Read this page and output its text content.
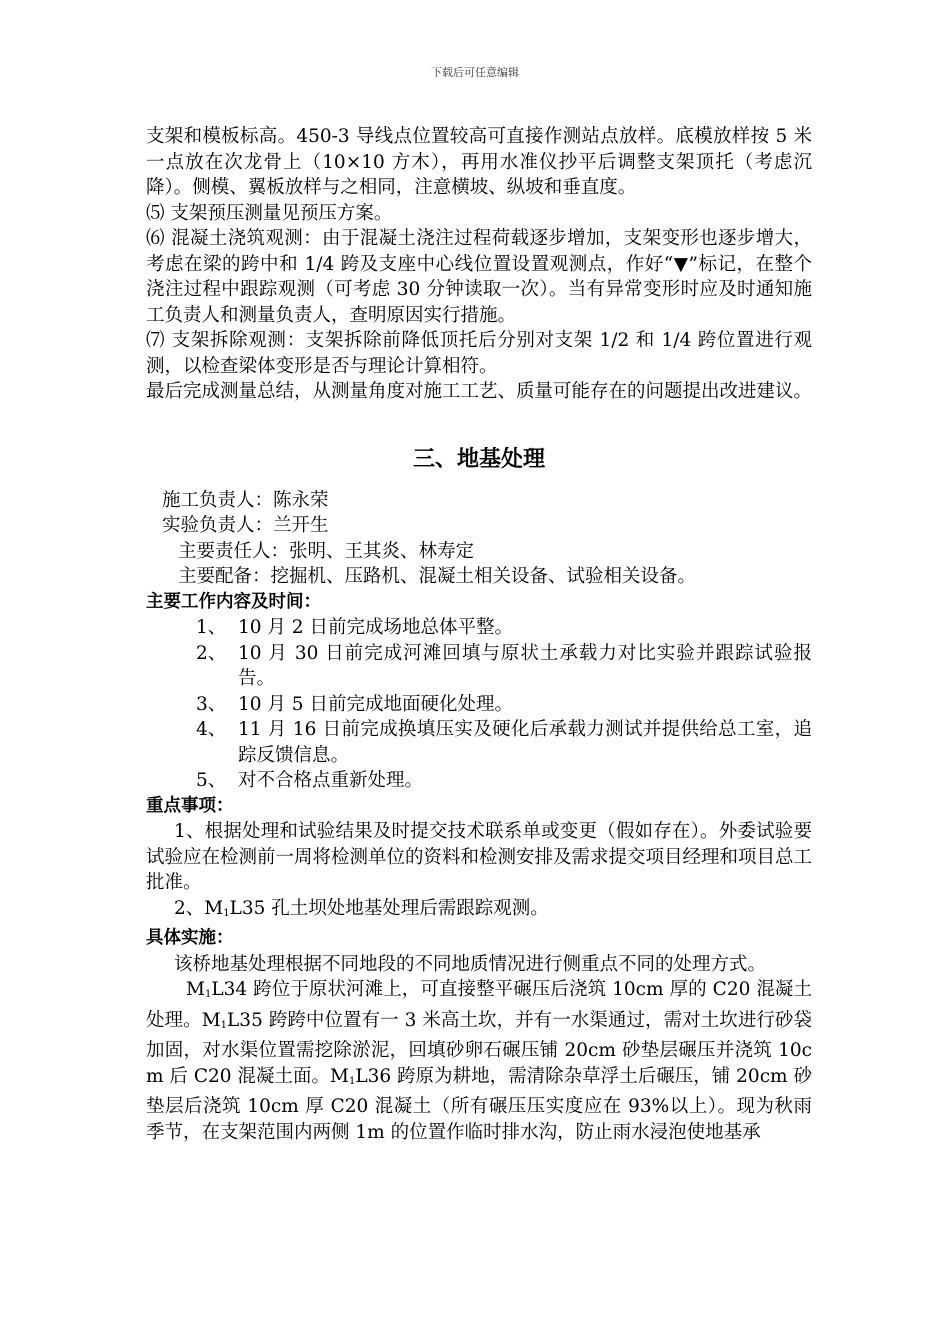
下载后可任意编辑

支架和模板标高。450-3 导线点位置较高可直接作测站点放样。底模放样按 5 米一点放在次龙骨上（10×10 方木），再用水准仪抄平后调整支架顶托（考虑沉降）。侧模、翼板放样与之相同，注意横坡、纵坡和垂直度。

⑸ 支架预压测量见预压方案。

⑹ 混凝土浇筑观测：由于混凝土浇注过程荷载逐步增加，支架变形也逐步增大，考虑在梁的跨中和 1/4 跨及支座中心线位置设置观测点，作好“▼”标记，在整个浇注过程中跟踪观测（可考虑 30 分钟读取一次）。当有异常变形时应及时通知施工负责人和测量负责人，查明原因实行措施。

⑺ 支架拆除观测：支架拆除前降低顶托后分别对支架 1/2 和 1/4 跨位置进行观测，以检查梁体变形是否与理论计算相符。

最后完成测量总结，从测量角度对施工工艺、质量可能存在的问题提出改进建议。

三、地基处理

施工负责人：陈永荣

实验负责人：兰开生

主要责任人：张明、王其炎、林寿定

主要配备：挖掘机、压路机、混凝土相关设备、试验相关设备。

主要工作内容及时间：

1、 10 月 2 日前完成场地总体平整。
2、 10 月 30 日前完成河滩回填与原状土承载力对比实验并跟踪试验报告。
3、 10 月 5 日前完成地面硬化处理。
4、 11 月 16 日前完成换填压实及硬化后承载力测试并提供给总工室，追踪反馈信息。
5、 对不合格点重新处理。

重点事项：

1、根据处理和试验结果及时提交技术联系单或变更（假如存在）。外委试验要试验应在检测前一周将检测单位的资料和检测安排及需求提交项目经理和项目总工批准。

2、$M_1L35$ 孔土坝处地基处理后需跟踪观测。

具体实施：

该桥地基处理根据不同地段的不同地质情况进行侧重点不同的处理方式。

$M_1L34$ 跨位于原状河滩上，可直接整平碾压后浇筑 10cm 厚的 C20 混凝土处理。$M_1L35$ 跨跨中位置有一 3 米高土坎，并有一水渠通过，需对土坎进行砂袋加固，对水渠位置需挖除淤泥，回填砂卵石碾压铺 20cm 砂垫层碾压并浇筑 10cm 后 C20 混凝土面。$M_1L36$ 跨原为耕地，需清除杂草浮土后碾压，铺 20cm 砂垫层后浇筑 10cm 厚 C20 混凝土（所有碾压压实度应在 93%以上）。现为秋雨季节，在支架范围内两侧 1m 的位置作临时排水沟，防止雨水浸泡使地基承
